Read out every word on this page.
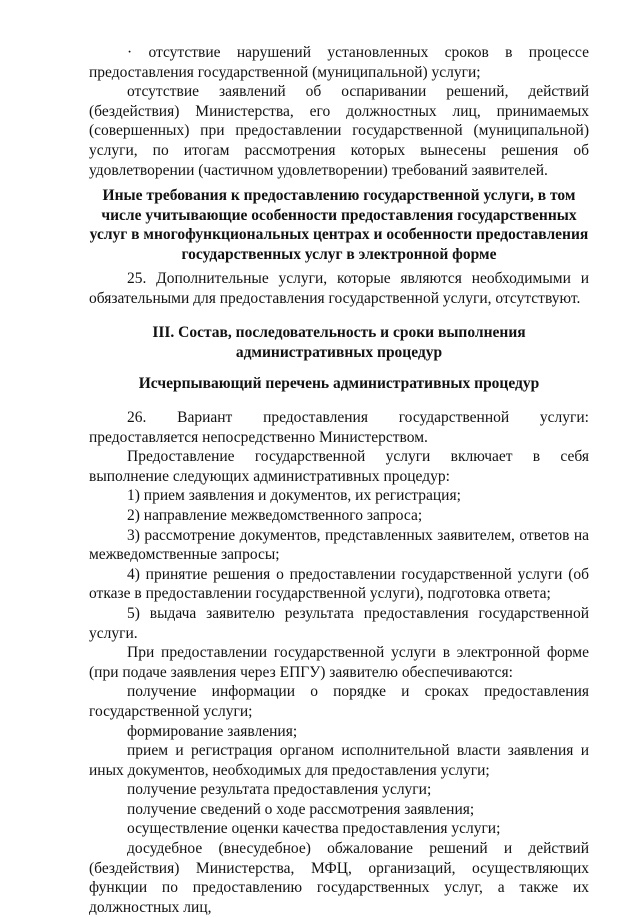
· отсутствие нарушений установленных сроков в процессе предоставления государственной (муниципальной) услуги;

отсутствие заявлений об оспаривании решений, действий (бездействия) Министерства, его должностных лиц, принимаемых (совершенных) при предоставлении государственной (муниципальной) услуги, по итогам рассмотрения которых вынесены решения об удовлетворении (частичном удовлетворении) требований заявителей.

Иные требования к предоставлению государственной услуги, в том числе учитывающие особенности предоставления государственных услуг в многофункциональных центрах и особенности предоставления государственных услуг в электронной форме

25. Дополнительные услуги, которые являются необходимыми и обязательными для предоставления государственной услуги, отсутствуют.

III. Состав, последовательность и сроки выполнения административных процедур

Исчерпывающий перечень административных процедур

26. Вариант предоставления государственной услуги: предоставляется непосредственно Министерством.

Предоставление государственной услуги включает в себя выполнение следующих административных процедур:

1) прием заявления и документов, их регистрация;

2) направление межведомственного запроса;

3) рассмотрение документов, представленных заявителем, ответов на межведомственные запросы;

4) принятие решения о предоставлении государственной услуги (об отказе в предоставлении государственной услуги), подготовка ответа;

5) выдача заявителю результата предоставления государственной услуги.

При предоставлении государственной услуги в электронной форме (при подаче заявления через ЕПГУ) заявителю обеспечиваются:

получение информации о порядке и сроках предоставления государственной услуги;

формирование заявления;

прием и регистрация органом исполнительной власти заявления и иных документов, необходимых для предоставления услуги;

получение результата предоставления услуги;

получение сведений о ходе рассмотрения заявления;

осуществление оценки качества предоставления услуги;

досудебное (внесудебное) обжалование решений и действий (бездействия) Министерства, МФЦ, организаций, осуществляющих функции по предоставлению государственных услуг, а также их должностных лиц,
